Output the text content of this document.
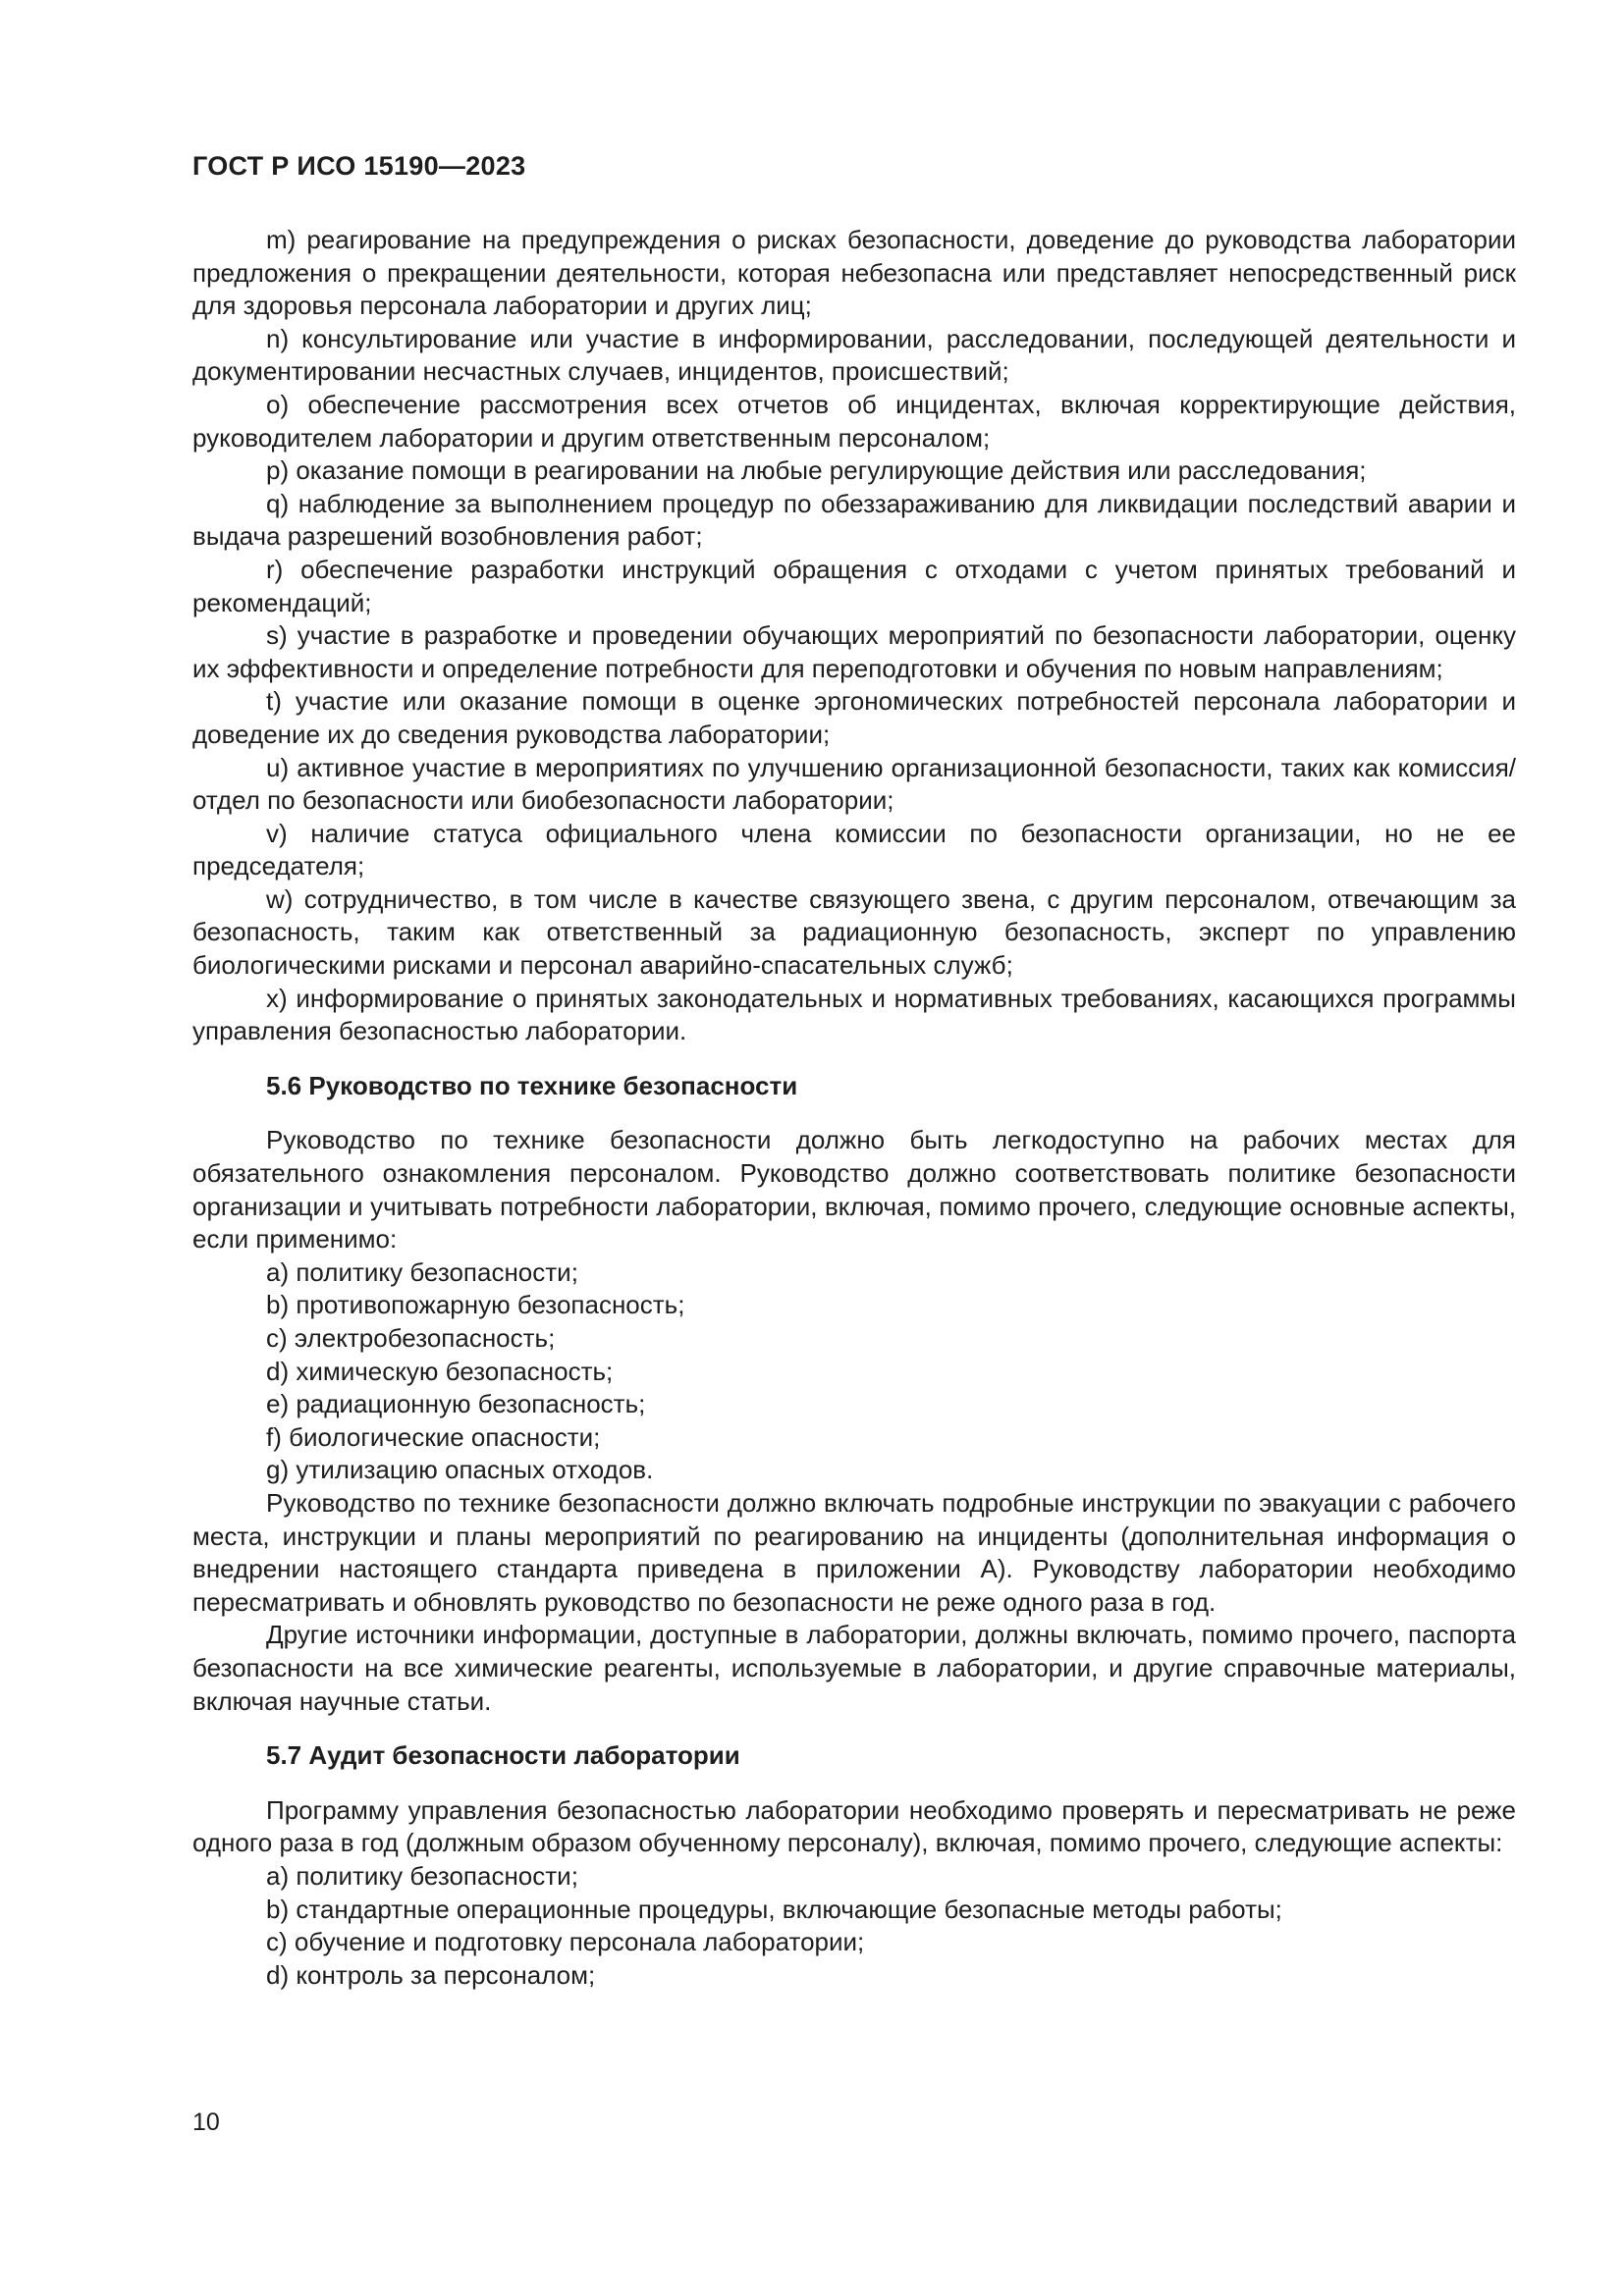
ГОСТ Р ИСО 15190—2023

m) реагирование на предупреждения о рисках безопасности, доведение до руководства лаборатории предложения о прекращении деятельности, которая небезопасна или представляет непосредственный риск для здоровья персонала лаборатории и других лиц;

n) консультирование или участие в информировании, расследовании, последующей деятельности и документировании несчастных случаев, инцидентов, происшествий;

o) обеспечение рассмотрения всех отчетов об инцидентах, включая корректирующие действия, руководителем лаборатории и другим ответственным персоналом;

p) оказание помощи в реагировании на любые регулирующие действия или расследования;

q) наблюдение за выполнением процедур по обеззараживанию для ликвидации последствий аварии и выдача разрешений возобновления работ;

r) обеспечение разработки инструкций обращения с отходами с учетом принятых требований и рекомендаций;

s) участие в разработке и проведении обучающих мероприятий по безопасности лаборатории, оценку их эффективности и определение потребности для переподготовки и обучения по новым направлениям;

t) участие или оказание помощи в оценке эргономических потребностей персонала лаборатории и доведение их до сведения руководства лаборатории;

u) активное участие в мероприятиях по улучшению организационной безопасности, таких как комиссия/отдел по безопасности или биобезопасности лаборатории;

v) наличие статуса официального члена комиссии по безопасности организации, но не ее председателя;

w) сотрудничество, в том числе в качестве связующего звена, с другим персоналом, отвечающим за безопасность, таким как ответственный за радиационную безопасность, эксперт по управлению биологическими рисками и персонал аварийно-спасательных служб;

x) информирование о принятых законодательных и нормативных требованиях, касающихся программы управления безопасностью лаборатории.

5.6 Руководство по технике безопасности

Руководство по технике безопасности должно быть легкодоступно на рабочих местах для обязательного ознакомления персоналом. Руководство должно соответствовать политике безопасности организации и учитывать потребности лаборатории, включая, помимо прочего, следующие основные аспекты, если применимо:

a) политику безопасности;

b) противопожарную безопасность;

c) электробезопасность;

d) химическую безопасность;

e) радиационную безопасность;

f) биологические опасности;

g) утилизацию опасных отходов.

Руководство по технике безопасности должно включать подробные инструкции по эвакуации с рабочего места, инструкции и планы мероприятий по реагированию на инциденты (дополнительная информация о внедрении настоящего стандарта приведена в приложении А). Руководству лаборатории необходимо пересматривать и обновлять руководство по безопасности не реже одного раза в год.

Другие источники информации, доступные в лаборатории, должны включать, помимо прочего, паспорта безопасности на все химические реагенты, используемые в лаборатории, и другие справочные материалы, включая научные статьи.

5.7 Аудит безопасности лаборатории

Программу управления безопасностью лаборатории необходимо проверять и пересматривать не реже одного раза в год (должным образом обученному персоналу), включая, помимо прочего, следующие аспекты:

a) политику безопасности;

b) стандартные операционные процедуры, включающие безопасные методы работы;

c) обучение и подготовку персонала лаборатории;

d) контроль за персоналом;

10
